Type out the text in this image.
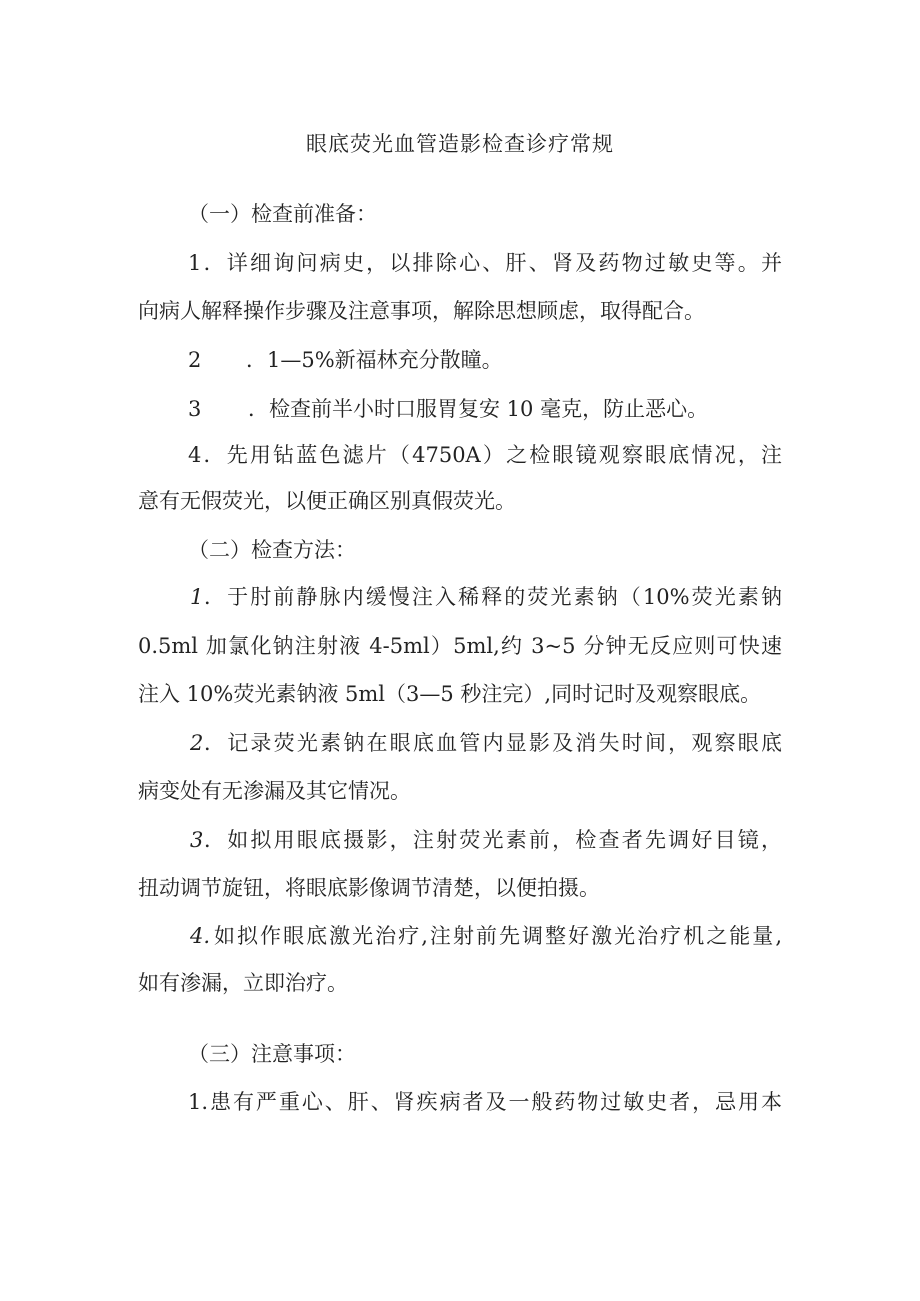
眼底荧光血管造影检查诊疗常规
（一）检查前准备：
1．详细询问病史，以排除心、肝、肾及药物过敏史等。并
向病人解释操作步骤及注意事项，解除思想顾虑，取得配合。
2 ．1—5%新福林充分散瞳。
3 ．检查前半小时口服胃复安 10 毫克，防止恶心。
4．先用钻蓝色滤片（4750A）之检眼镜观察眼底情况，注
意有无假荧光，以便正确区别真假荧光。
（二）检查方法：
1 ．于肘前静脉内缓慢注入稀释的荧光素钠（10%荧光素钠
0.5ml 加氯化钠注射液 4-5ml）5ml,约 3~5 分钟无反应则可快速
注入 10%荧光素钠液 5ml（3—5 秒注完）,同时记时及观察眼底。
2 ．记录荧光素钠在眼底血管内显影及消失时间，观察眼底
病变处有无渗漏及其它情况。
3 ．如拟用眼底摄影，注射荧光素前，检查者先调好目镜，
扭动调节旋钮，将眼底影像调节清楚，以便拍摄。
4. 如拟作眼底激光治疗,注射前先调整好激光治疗机之能量,
如有渗漏，立即治疗。
（三）注意事项：
1.患有严重心、肝、肾疾病者及一般药物过敏史者，忌用本
